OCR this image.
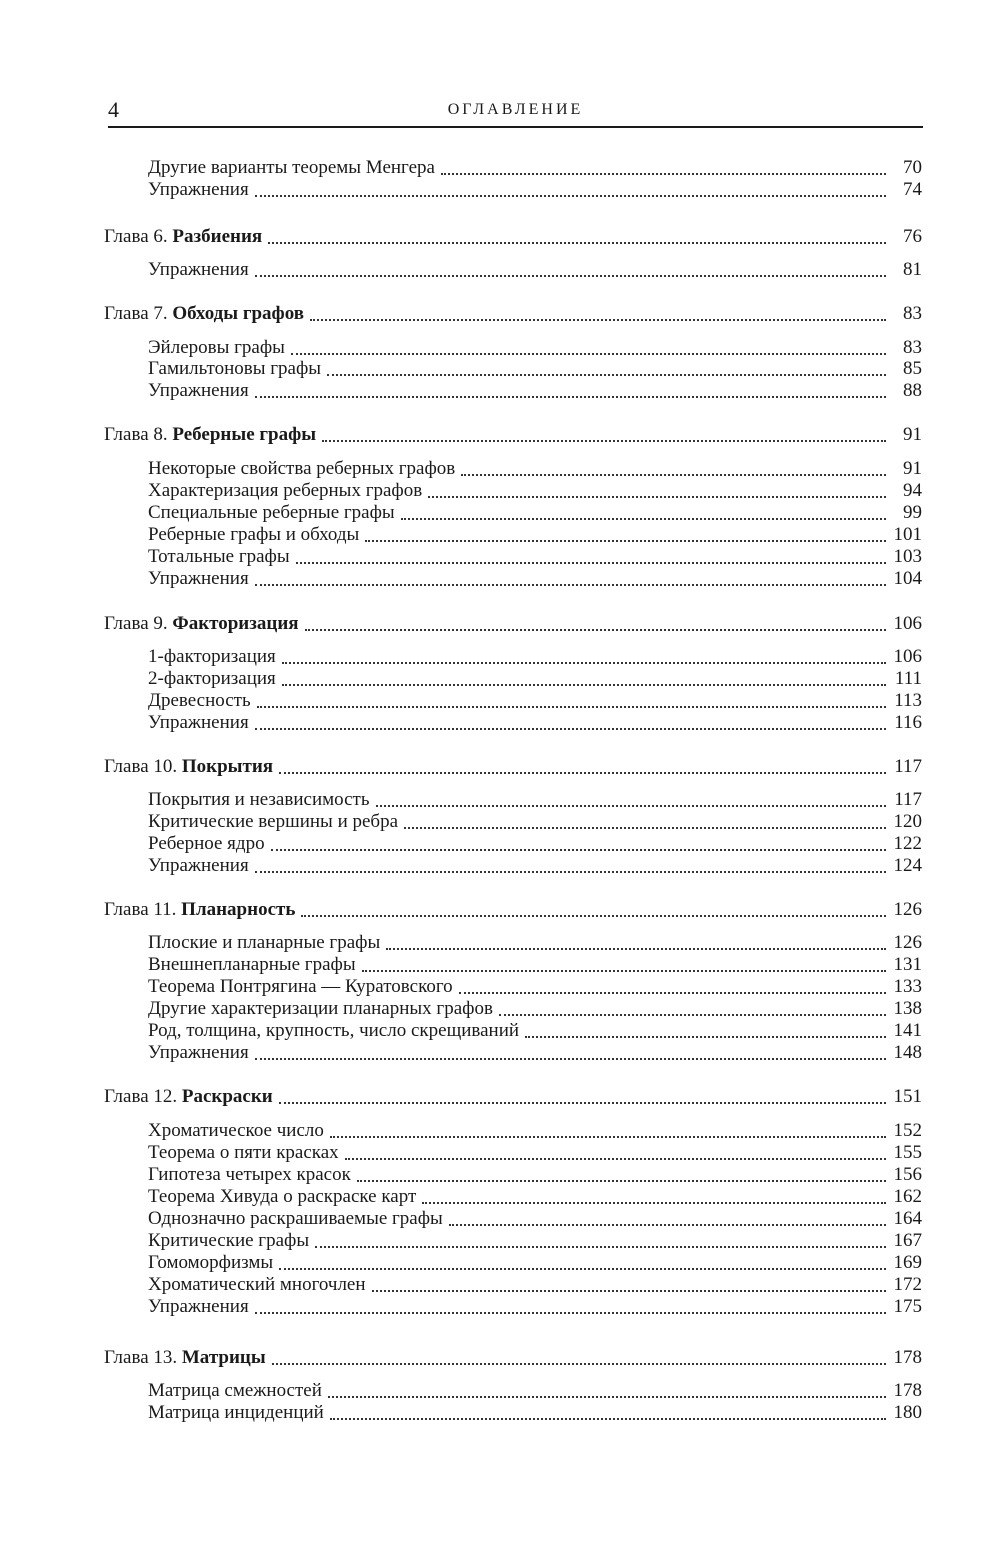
4	ОГЛАВЛЕНИЕ
Другие варианты теоремы Менгера	70
Упражнения	74
Глава 6. Разбиения	76
Упражнения	81
Глава 7. Обходы графов	83
Эйлеровы графы	83
Гамильтоновы графы	85
Упражнения	88
Глава 8. Реберные графы	91
Некоторые свойства реберных графов	91
Характеризация реберных графов	94
Специальные реберные графы	99
Реберные графы и обходы	101
Тотальные графы	103
Упражнения	104
Глава 9. Факторизация	106
1-факторизация	106
2-факторизация	111
Древесность	113
Упражнения	116
Глава 10. Покрытия	117
Покрытия и независимость	117
Критические вершины и ребра	120
Реберное ядро	122
Упражнения	124
Глава 11. Планарность	126
Плоские и планарные графы	126
Внешнепланарные графы	131
Теорема Понтрягина — Куратовского	133
Другие характеризации планарных графов	138
Род, толщина, крупность, число скрещиваний	141
Упражнения	148
Глава 12. Раскраски	151
Хроматическое число	152
Теорема о пяти красках	155
Гипотеза четырех красок	156
Теорема Хивуда о раскраске карт	162
Однозначно раскрашиваемые графы	164
Критические графы	167
Гомоморфизмы	169
Хроматический многочлен	172
Упражнения	175
Глава 13. Матрицы	178
Матрица смежностей	178
Матрица инциденций	180
